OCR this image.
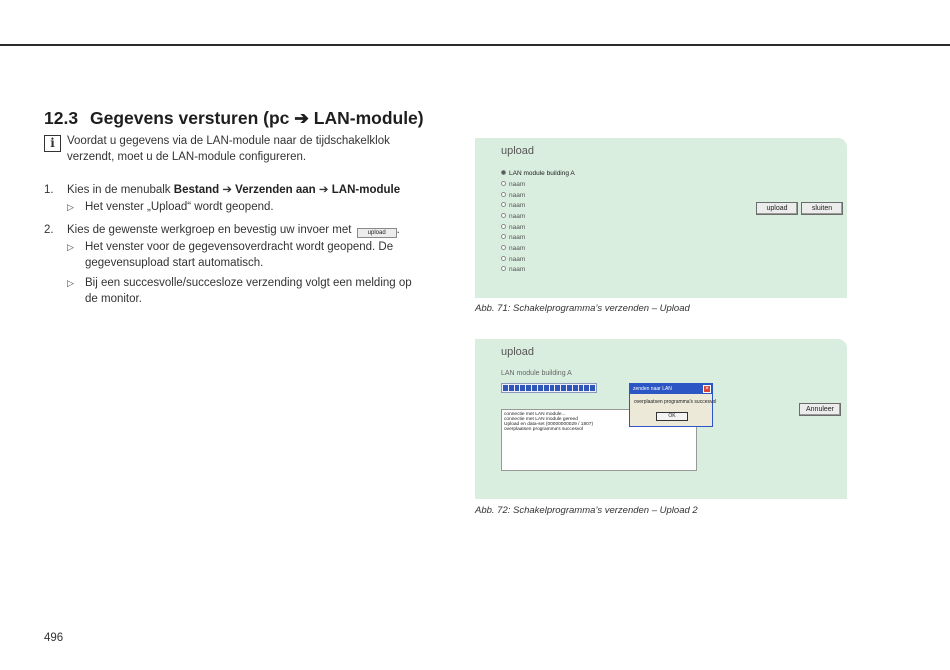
12.3 Gegevens versturen (pc ➔ LAN-module)
i	Voordat u gegevens via de LAN-module naar de tijdschakelklok verzendt, moet u de LAN-module configureren.
1. Kies in de menubalk Bestand ➔ Verzenden aan ➔ LAN-module
▷ Het venster „Upload“ wordt geopend.
2. Kies de gewenste werkgroep en bevestig uw invoer met upload .
▷ Het venster voor de gegevensoverdracht wordt geopend. De gegevensupload start automatisch.
▷ Bij een succesvolle/succesloze verzending volgt een melding op de monitor.
upload
LAN module building A
naam
naam
naam
naam
naam
naam
naam
naam
naam
upload	sluiten
Abb. 71: Schakelprogramma’s verzenden – Upload
upload
LAN module building A
connectie met LAN module...
connectie met LAN module gereed
Upload en data-set (00000000029 / 1807)
overplaatsen programma's succesvol
zenden naar LAN	×
overplaatsen programma's succesvol
OK
Annuleer
Abb. 72: Schakelprogramma’s verzenden – Upload 2
496
